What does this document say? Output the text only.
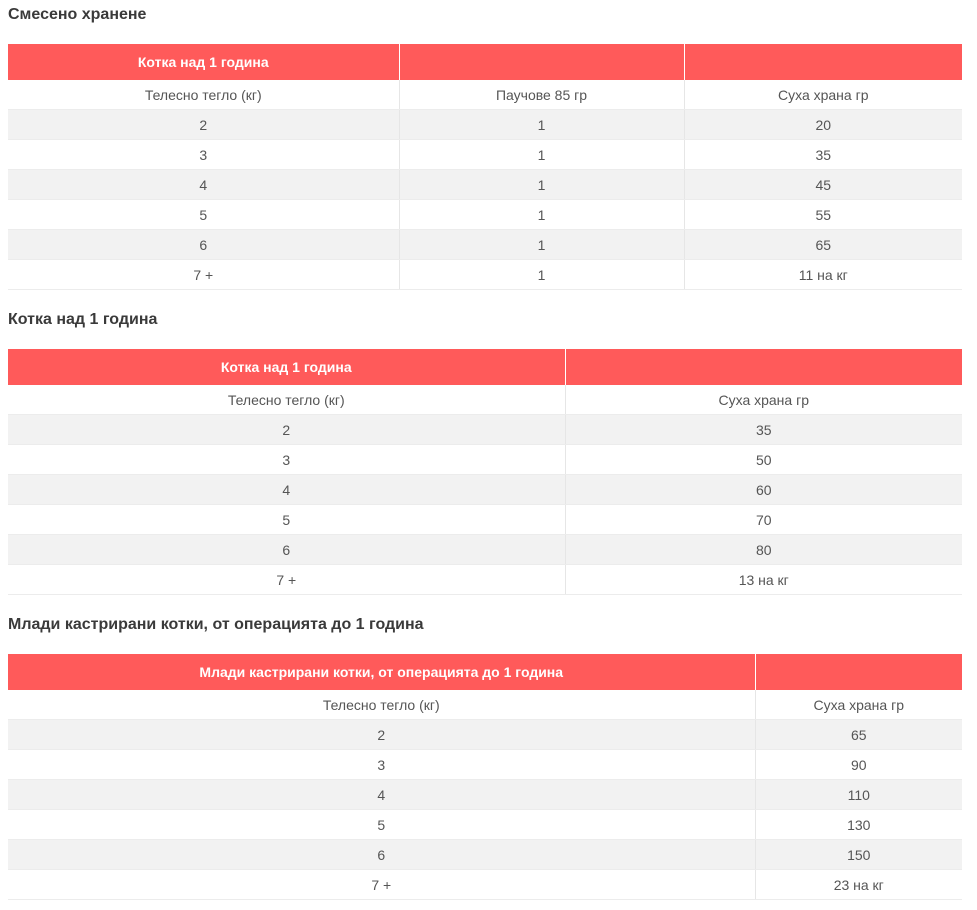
Смесено хранене
Котка над 1 година		
Телесно тегло (кг)	Паучове 85 гр	Суха храна гр
2	1	20
3	1	35
4	1	45
5	1	55
6	1	65
7 +	1	11 на кг
Котка над 1 година
Котка над 1 година	
Телесно тегло (кг)	Суха храна гр
2	35
3	50
4	60
5	70
6	80
7 +	13 на кг
Млади кастрирани котки, от операцията до 1 година
Млади кастрирани котки, от операцията до 1 година	
Телесно тегло (кг)	Суха храна гр
2	65
3	90
4	110
5	130
6	150
7 +	23 на кг
